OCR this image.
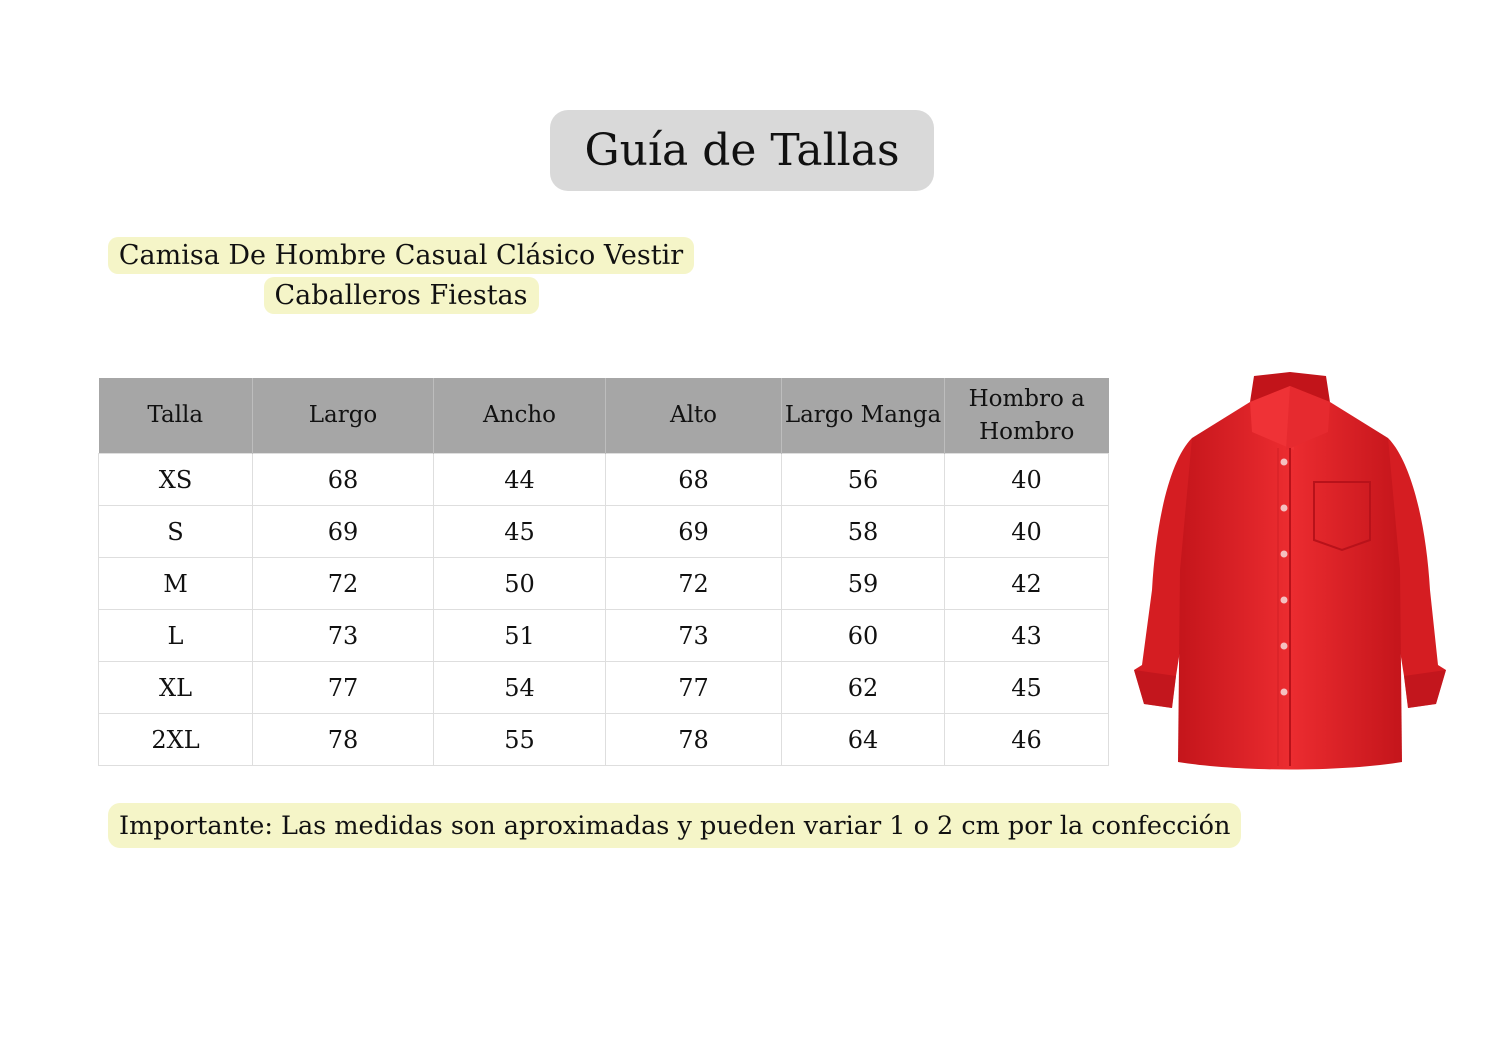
Guía de Tallas
Camisa De Hombre Casual Clásico Vestir
Caballeros Fiestas
Talla	Largo	Ancho	Alto	Largo Manga	Hombro a Hombro
XS	68	44	68	56	40
S	69	45	69	58	40
M	72	50	72	59	42
L	73	51	73	60	43
XL	77	54	77	62	45
2XL	78	55	78	64	46
Importante: Las medidas son aproximadas y pueden variar 1 o 2 cm por la confección
